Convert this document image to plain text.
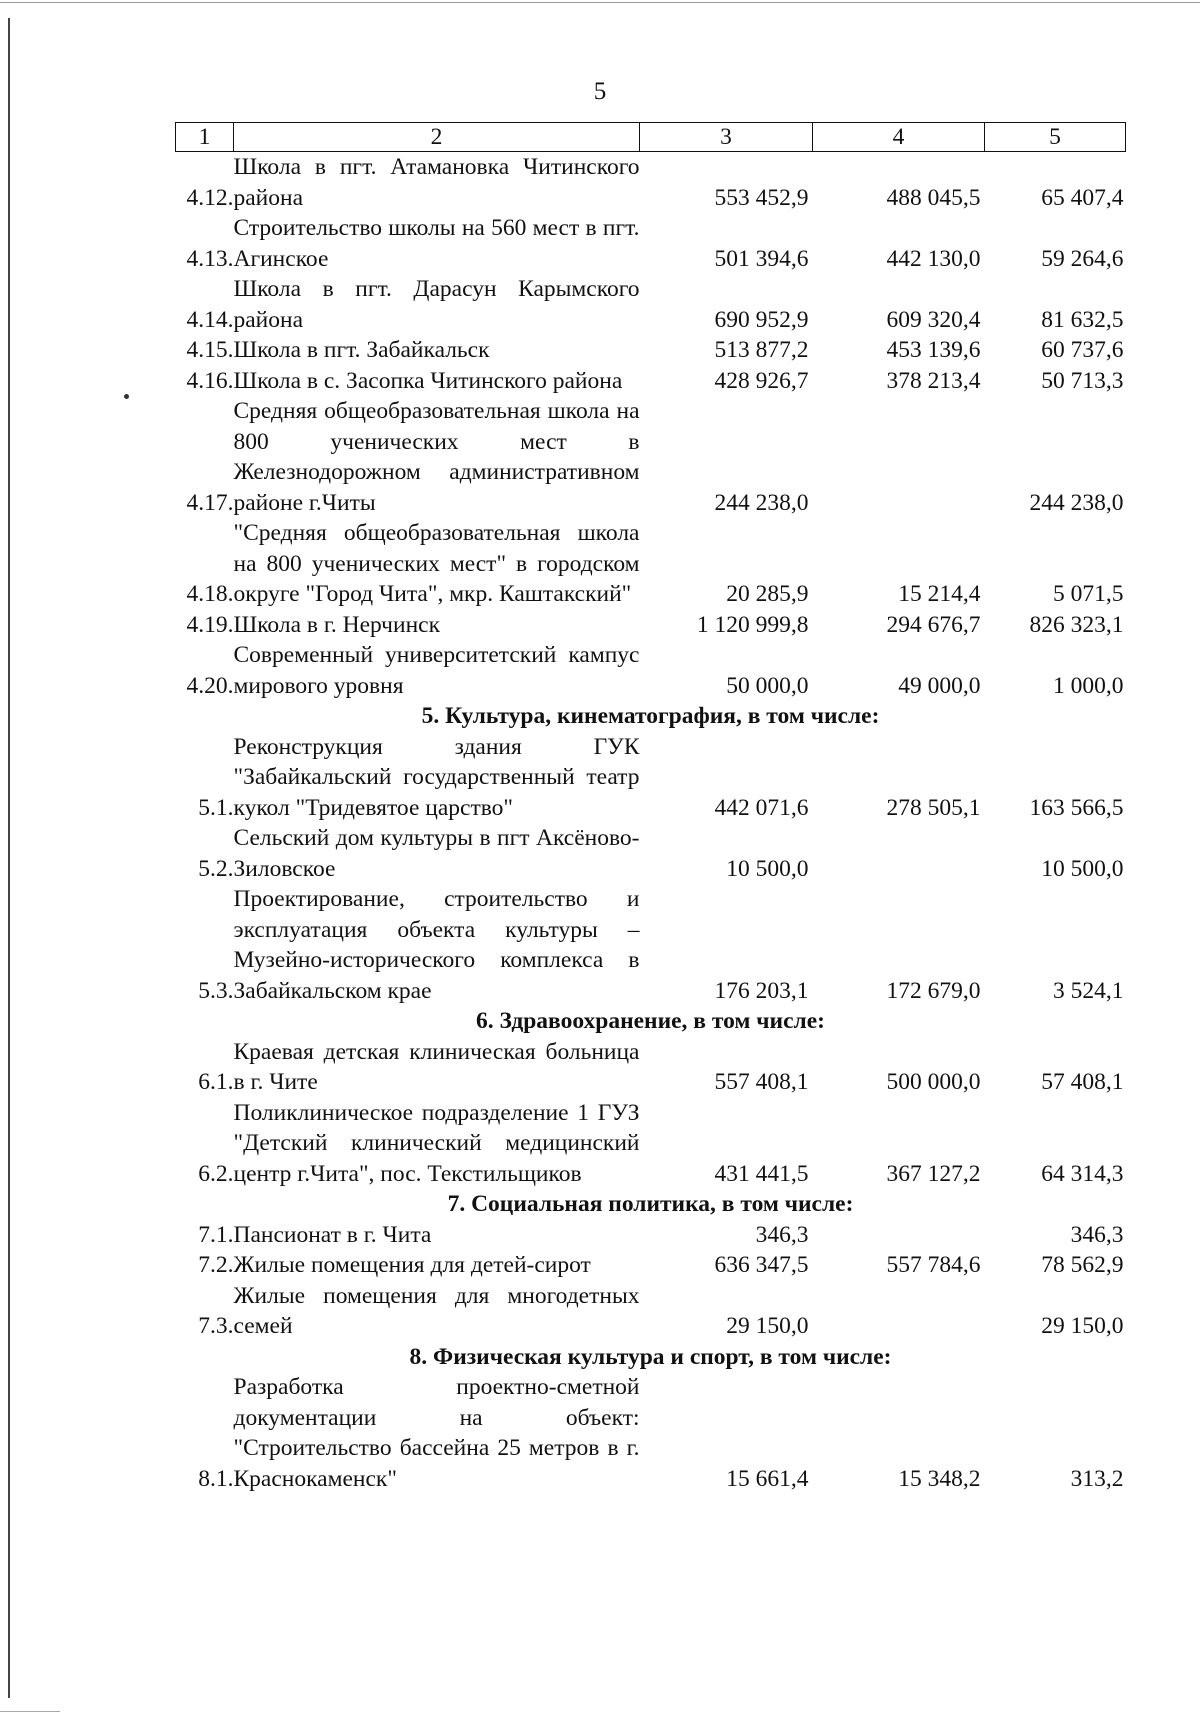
5
1	2	3	4	5
4.12.	Школа в пгт. Атамановка Читинского района	553 452,9	488 045,5	65 407,4
4.13.	Строительство школы на 560 мест в пгт. Агинское	501 394,6	442 130,0	59 264,6
4.14.	Школа в пгт. Дарасун Карымского района	690 952,9	609 320,4	81 632,5
4.15.	Школа в пгт. Забайкальск	513 877,2	453 139,6	60 737,6
4.16.	Школа в с. Засопка Читинского района	428 926,7	378 213,4	50 713,3
4.17.	Средняя общеобразовательная школа на 800 ученических мест в Железнодорожном административном районе г.Читы	244 238,0		244 238,0
4.18.	"Средняя общеобразовательная школа на 800 ученических мест" в городском округе "Город Чита", мкр. Каштакский"	20 285,9	15 214,4	5 071,5
4.19.	Школа в г. Нерчинск	1 120 999,8	294 676,7	826 323,1
4.20.	Современный университетский кампус мирового уровня	50 000,0	49 000,0	1 000,0
5. Культура, кинематография, в том числе:				
5.1.	Реконструкция здания ГУК "Забайкальский государственный театр кукол "Тридевятое царство"	442 071,6	278 505,1	163 566,5
5.2.	Сельский дом культуры в пгт Аксёново-Зиловское	10 500,0		10 500,0
5.3.	Проектирование, строительство и эксплуатация объекта культуры – Музейно-исторического комплекса в Забайкальском крае	176 203,1	172 679,0	3 524,1
6. Здравоохранение, в том числе:				
6.1.	Краевая детская клиническая больница в г. Чите	557 408,1	500 000,0	57 408,1
6.2.	Поликлиническое подразделение 1 ГУЗ "Детский клинический медицинский центр г.Чита", пос. Текстильщиков	431 441,5	367 127,2	64 314,3
7. Социальная политика, в том числе:				
7.1.	Пансионат в г. Чита	346,3		346,3
7.2.	Жилые помещения для детей-сирот	636 347,5	557 784,6	78 562,9
7.3.	Жилые помещения для многодетных семей	29 150,0		29 150,0
8. Физическая культура и спорт, в том числе:				
8.1.	Разработка проектно-сметной документации на объект: "Строительство бассейна 25 метров в г. Краснокаменск"	15 661,4	15 348,2	313,2
